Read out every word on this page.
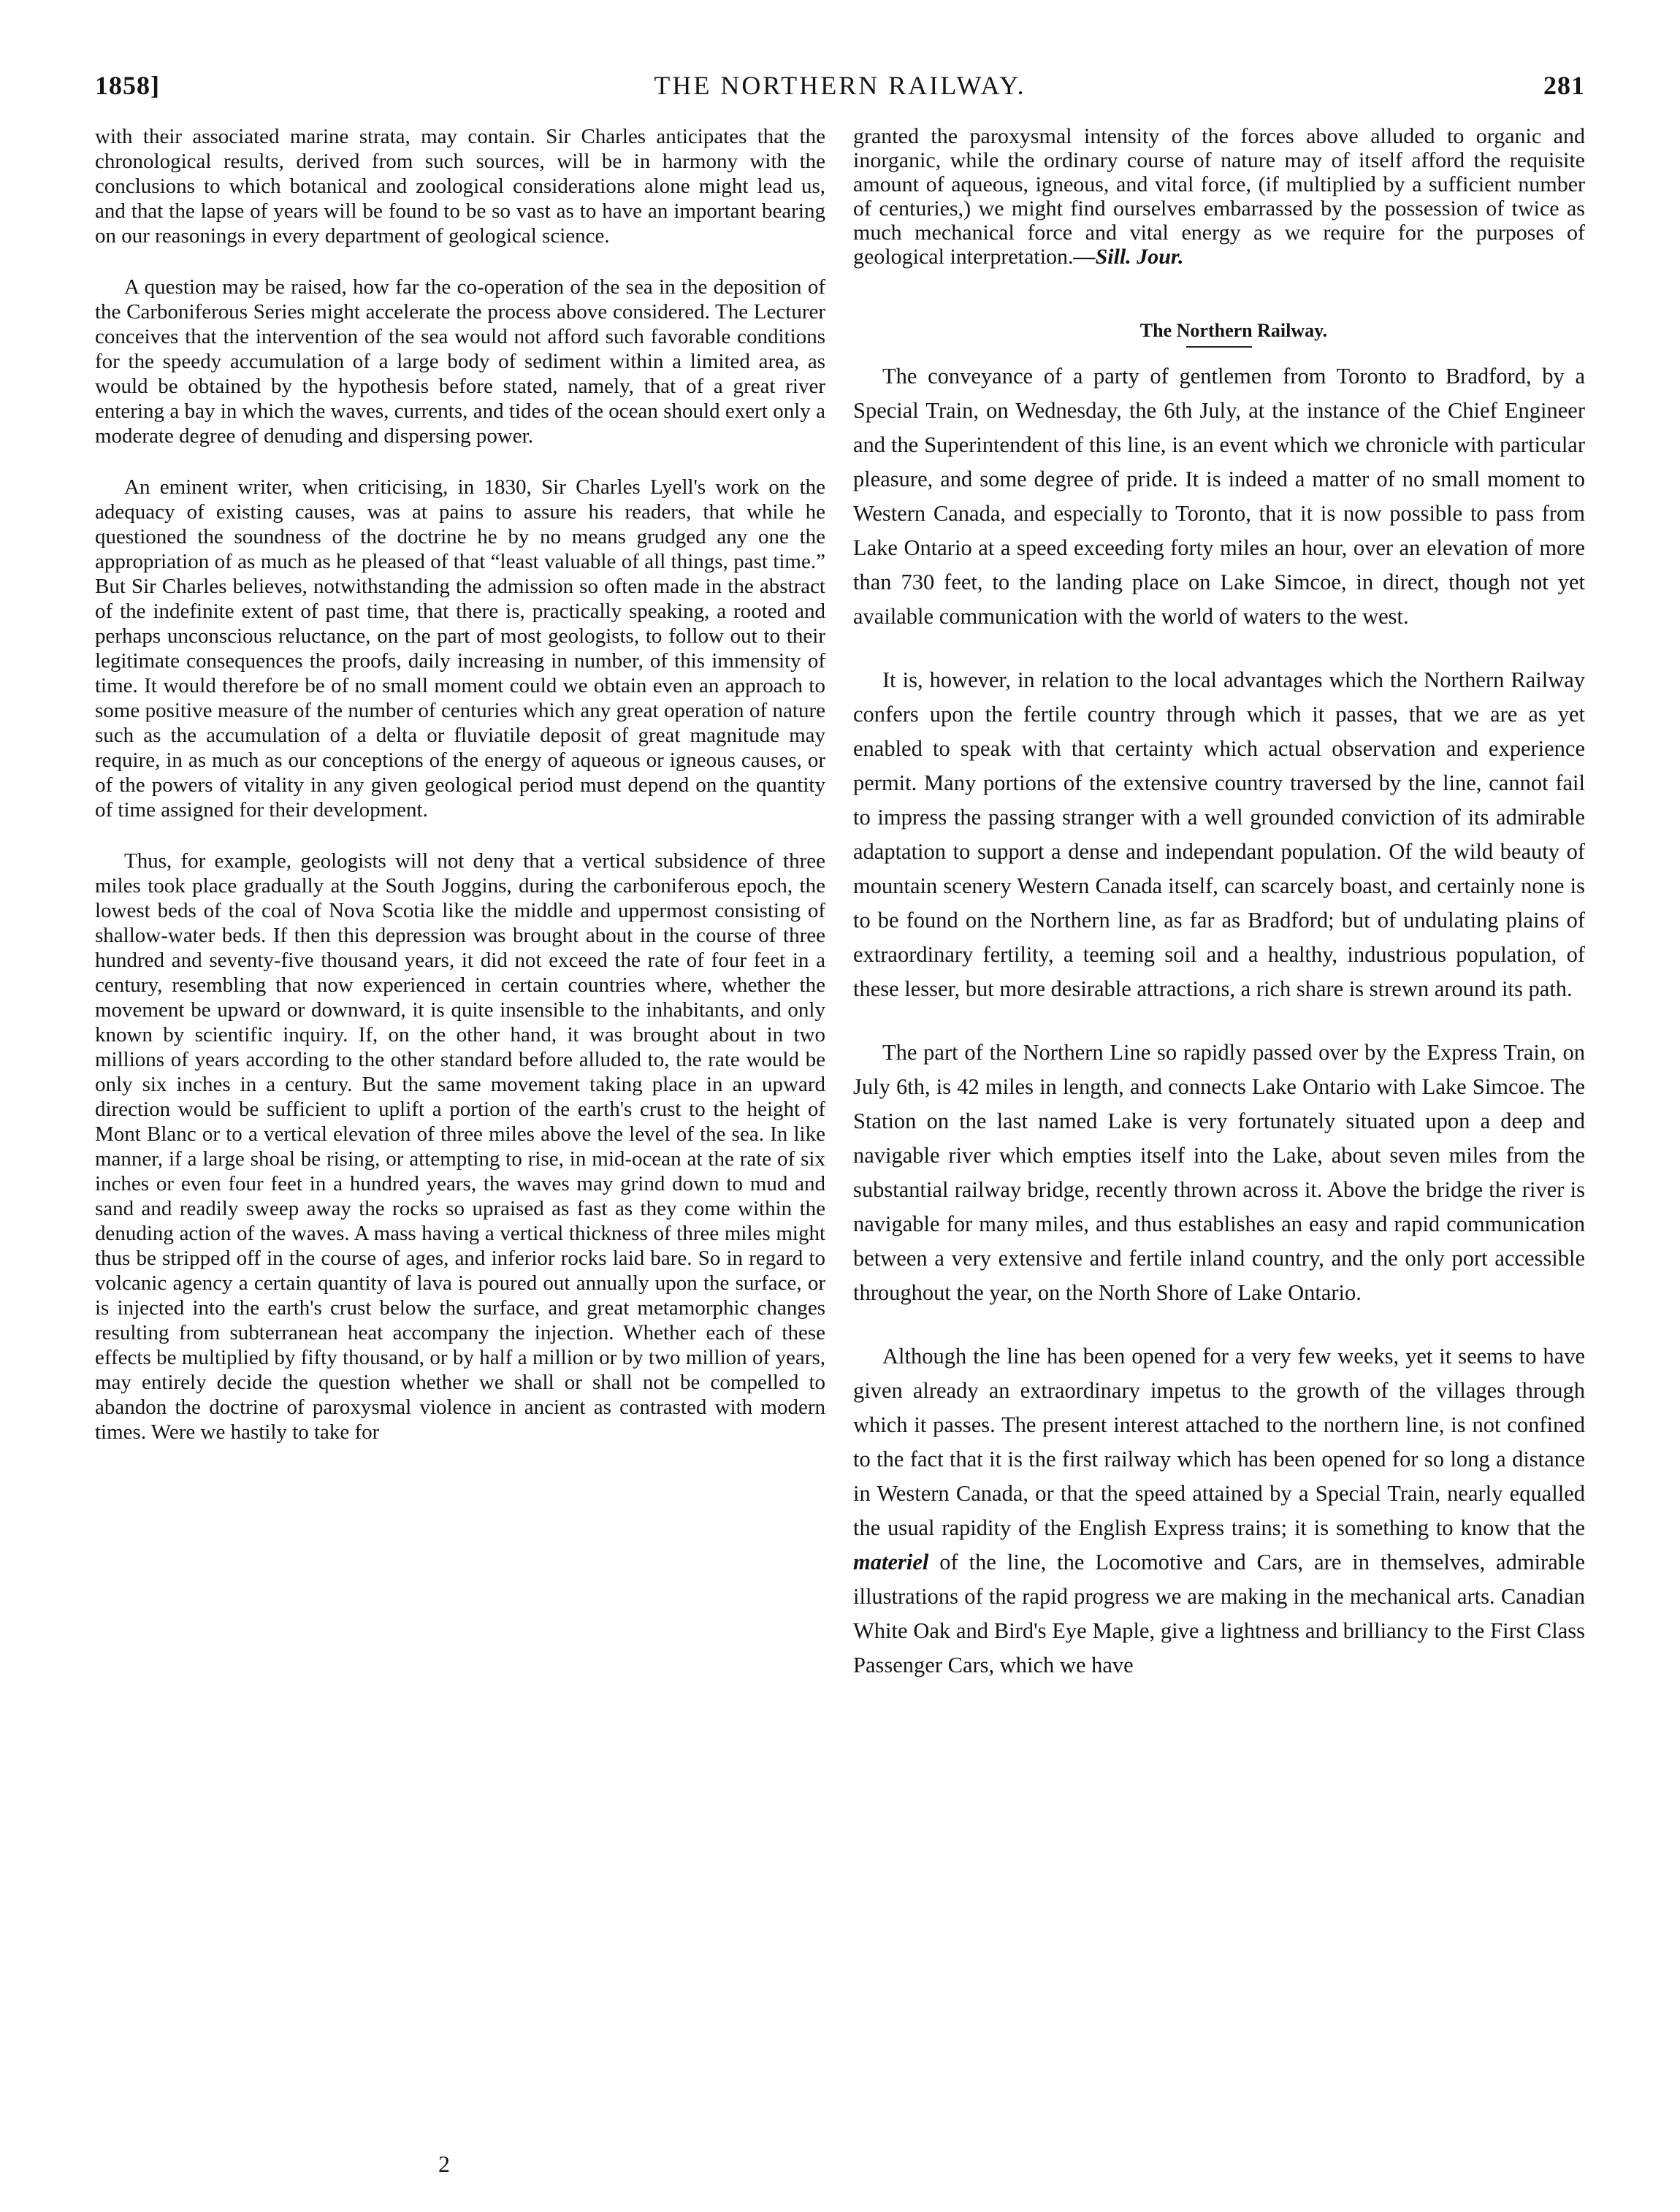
1858]	THE NORTHERN RAILWAY.	281

with their associated marine strata, may contain. Sir Charles anticipates that the chronological results, derived from such sources, will be in harmony with the conclusions to which botanical and zoological considerations alone might lead us, and that the lapse of years will be found to be so vast as to have an important bearing on our reasonings in every department of geological science.

A question may be raised, how far the co-operation of the sea in the deposition of the Carboniferous Series might accelerate the process above considered. The Lecturer conceives that the intervention of the sea would not afford such favorable conditions for the speedy accumulation of a large body of sediment within a limited area, as would be obtained by the hypothesis before stated, namely, that of a great river entering a bay in which the waves, currents, and tides of the ocean should exert only a moderate degree of denuding and dispersing power.

An eminent writer, when criticising, in 1830, Sir Charles Lyell's work on the adequacy of existing causes, was at pains to assure his readers, that while he questioned the soundness of the doctrine he by no means grudged any one the appropriation of as much as he pleased of that “least valuable of all things, past time.” But Sir Charles believes, notwithstanding the admission so often made in the abstract of the indefinite extent of past time, that there is, practically speaking, a rooted and perhaps unconscious reluctance, on the part of most geologists, to follow out to their legitimate consequences the proofs, daily increasing in number, of this immensity of time. It would therefore be of no small moment could we obtain even an approach to some positive measure of the number of centuries which any great operation of nature such as the accumulation of a delta or fluviatile deposit of great magnitude may require, in as much as our conceptions of the energy of aqueous or igneous causes, or of the powers of vitality in any given geological period must depend on the quantity of time assigned for their development.

Thus, for example, geologists will not deny that a vertical subsidence of three miles took place gradually at the South Joggins, during the carboniferous epoch, the lowest beds of the coal of Nova Scotia like the middle and uppermost consisting of shallow-water beds. If then this depression was brought about in the course of three hundred and seventy-five thousand years, it did not exceed the rate of four feet in a century, resembling that now experienced in certain countries where, whether the movement be upward or downward, it is quite insensible to the inhabitants, and only known by scientific inquiry. If, on the other hand, it was brought about in two millions of years according to the other standard before alluded to, the rate would be only six inches in a century. But the same movement taking place in an upward direction would be sufficient to uplift a portion of the earth's crust to the height of Mont Blanc or to a vertical elevation of three miles above the level of the sea. In like manner, if a large shoal be rising, or attempting to rise, in mid-ocean at the rate of six inches or even four feet in a hundred years, the waves may grind down to mud and sand and readily sweep away the rocks so upraised as fast as they come within the denuding action of the waves. A mass having a vertical thickness of three miles might thus be stripped off in the course of ages, and inferior rocks laid bare. So in regard to volcanic agency a certain quantity of lava is poured out annually upon the surface, or is injected into the earth's crust below the surface, and great metamorphic changes resulting from subterranean heat accompany the injection. Whether each of these effects be multiplied by fifty thousand, or by half a million or by two million of years, may entirely decide the question whether we shall or shall not be compelled to abandon the doctrine of paroxysmal violence in ancient as contrasted with modern times. Were we hastily to take for

granted the paroxysmal intensity of the forces above alluded to organic and inorganic, while the ordinary course of nature may of itself afford the requisite amount of aqueous, igneous, and vital force, (if multiplied by a sufficient number of centuries,) we might find ourselves embarrassed by the possession of twice as much mechanical force and vital energy as we require for the purposes of geological interpretation.—Sill. Jour.

The Northern Railway.

The conveyance of a party of gentlemen from Toronto to Bradford, by a Special Train, on Wednesday, the 6th July, at the instance of the Chief Engineer and the Superintendent of this line, is an event which we chronicle with particular pleasure, and some degree of pride. It is indeed a matter of no small moment to Western Canada, and especially to Toronto, that it is now possible to pass from Lake Ontario at a speed exceeding forty miles an hour, over an elevation of more than 730 feet, to the landing place on Lake Simcoe, in direct, though not yet available communication with the world of waters to the west.

It is, however, in relation to the local advantages which the Northern Railway confers upon the fertile country through which it passes, that we are as yet enabled to speak with that certainty which actual observation and experience permit. Many portions of the extensive country traversed by the line, cannot fail to impress the passing stranger with a well grounded conviction of its admirable adaptation to support a dense and independant population. Of the wild beauty of mountain scenery Western Canada itself, can scarcely boast, and certainly none is to be found on the Northern line, as far as Bradford; but of undulating plains of extraordinary fertility, a teeming soil and a healthy, industrious population, of these lesser, but more desirable attractions, a rich share is strewn around its path.

The part of the Northern Line so rapidly passed over by the Express Train, on July 6th, is 42 miles in length, and connects Lake Ontario with Lake Simcoe. The Station on the last named Lake is very fortunately situated upon a deep and navigable river which empties itself into the Lake, about seven miles from the substantial railway bridge, recently thrown across it. Above the bridge the river is navigable for many miles, and thus establishes an easy and rapid communication between a very extensive and fertile inland country, and the only port accessible throughout the year, on the North Shore of Lake Ontario.

Although the line has been opened for a very few weeks, yet it seems to have given already an extraordinary impetus to the growth of the villages through which it passes. The present interest attached to the northern line, is not confined to the fact that it is the first railway which has been opened for so long a distance in Western Canada, or that the speed attained by a Special Train, nearly equalled the usual rapidity of the English Express trains; it is something to know that the materiel of the line, the Locomotive and Cars, are in themselves, admirable illustrations of the rapid progress we are making in the mechanical arts. Canadian White Oak and Bird's Eye Maple, give a lightness and brilliancy to the First Class Passenger Cars, which we have

2
